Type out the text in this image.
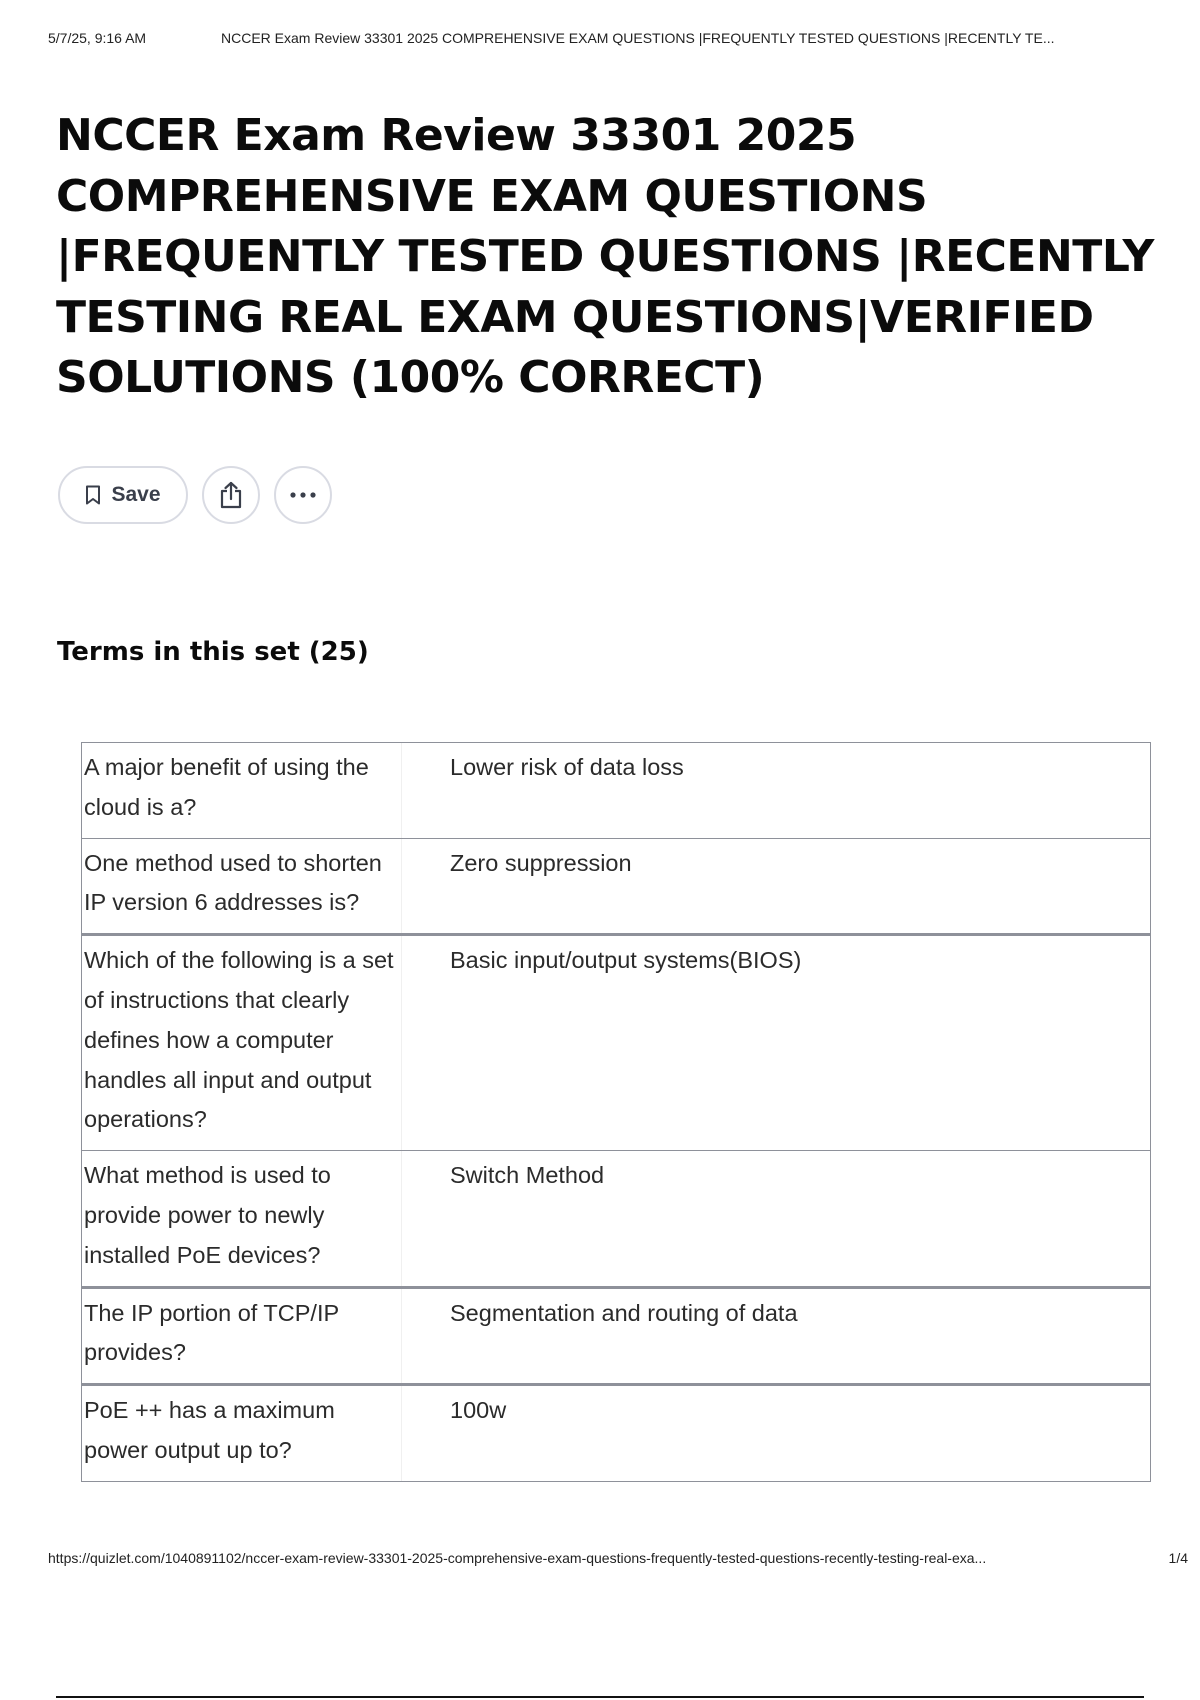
5/7/25, 9:16 AM	NCCER Exam Review 33301 2025 COMPREHENSIVE EXAM QUESTIONS |FREQUENTLY TESTED QUESTIONS |RECENTLY TE...
NCCER Exam Review 33301 2025 COMPREHENSIVE EXAM QUESTIONS |FREQUENTLY TESTED QUESTIONS |RECENTLY TESTING REAL EXAM QUESTIONS|VERIFIED SOLUTIONS (100% CORRECT)
Save
Terms in this set (25)
A major benefit of using the cloud is a?
Lower risk of data loss
One method used to shorten IP version 6 addresses is?
Zero suppression
Which of the following is a set of instructions that clearly defines how a computer handles all input and output operations?
Basic input/output systems(BIOS)
What method is used to provide power to newly installed PoE devices?
Switch Method
The IP portion of TCP/IP provides?
Segmentation and routing of data
PoE ++ has a maximum power output up to?
100w
https://quizlet.com/1040891102/nccer-exam-review-33301-2025-comprehensive-exam-questions-frequently-tested-questions-recently-testing-real-exa...	1/4
